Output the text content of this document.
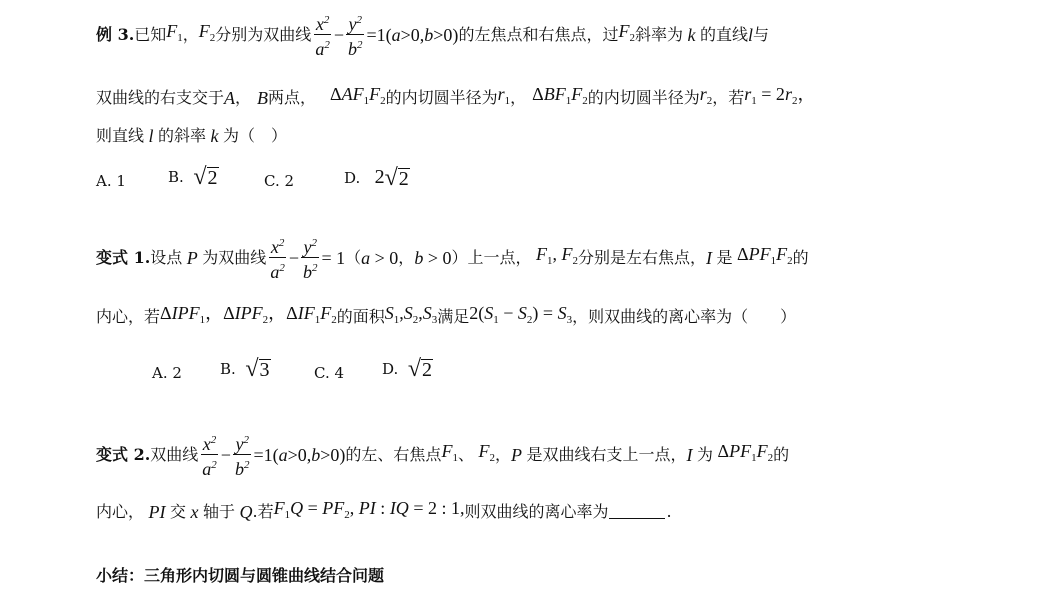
例 3. 已知 $F_1$ ， $F_2$ 分别为双曲线 $\frac{x^2}{a^2} - \frac{y^2}{b^2} =1(a>0,b>0)$ 的左焦点和右焦点，过 $F_2$ 斜率为 k 的直线 l 与
双曲线的右支交于 A ， B 两点， $\Delta AF_1F_2$ 的内切圆半径为 $r_1$ ， $\Delta BF_1F_2$ 的内切圆半径为 $r_2$ ，若 $r_1 = 2r_2$，
则直线 l 的斜率 k 为（　）
A. 1	B.
√ 2	C. 2	D.
2 √ 2
变式 1. 设点 P 为双曲线 $\frac{x^2}{a^2} - \frac{y^2}{b^2} = 1$ （ a > 0 ， b > 0 ）上一点， $F_1$, $F_2$ 分别是左右焦点， I 是 $\Delta PF_1F_2$ 的
内心，若 $\Delta IPF_1$， $\Delta IPF_2$， $\Delta IF_1F_2$ 的面积 $S_1,S_2,S_3$ 满足 $2(S_1 - S_2) = S_3$ ，则双曲线的离心率为（　　）
A. 2	B.
√ 3	C. 4	D.
√ 2
变式 2. 双曲线 $\frac{x^2}{a^2} - \frac{y^2}{b^2} =1(a>0,b>0)$ 的左、右焦点 $F_1$ 、 $F_2$ ， P 是双曲线右支上一点， I 为 $\Delta PF_1F_2$ 的
内心， PI 交 x 轴于 Q .若 $F_1Q = PF_2$, PI : IQ = 2 : 1, 则双曲线的离心率为	.
小结：三角形内切圆与圆锥曲线结合问题
